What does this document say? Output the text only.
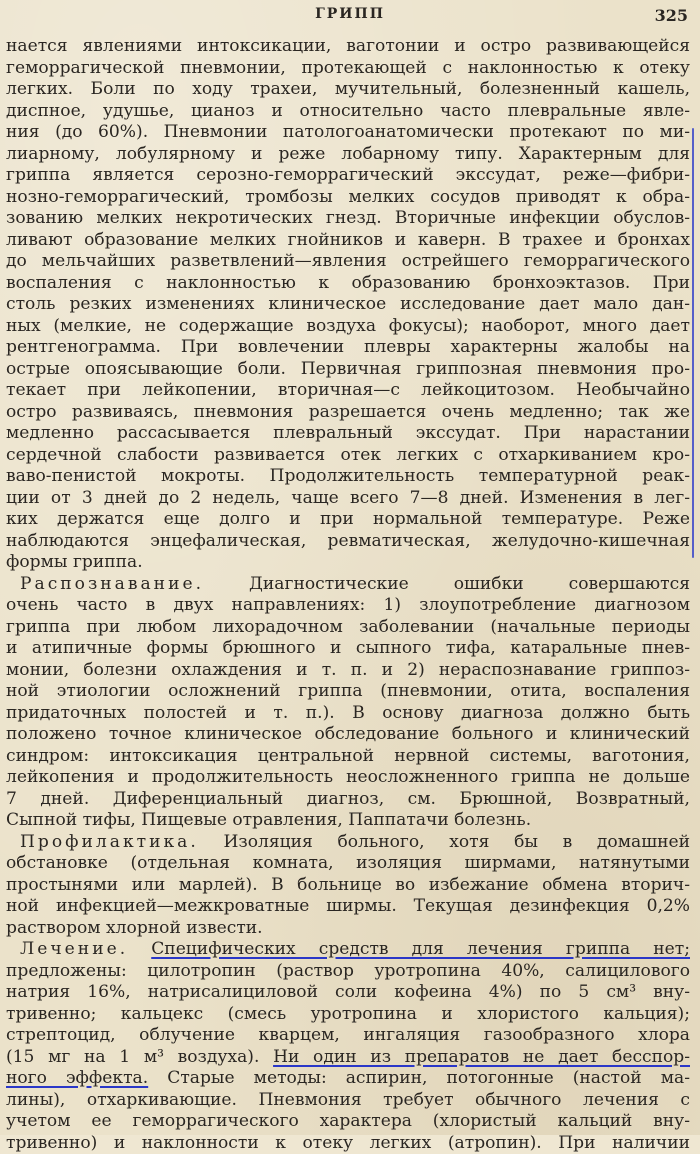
ГРИПП	325
нается явлениями интоксикации, ваготонии и остро развивающейся
геморрагической пневмонии, протекающей с наклонностью к отеку
легких. Боли по ходу трахеи, мучительный, болезненный кашель,
диспное, удушье, цианоз и относительно часто плевральные явле-
ния (до 60%). Пневмонии патологоанатомически протекают по ми-
лиарному, лобулярному и реже лобарному типу. Характерным для
гриппа является серозно-геморрагический экссудат, реже—фибри-
нозно-геморрагический, тромбозы мелких сосудов приводят к обра-
зованию мелких некротических гнезд. Вторичные инфекции обуслов-
ливают образование мелких гнойников и каверн. В трахее и бронхах
до мельчайших разветвлений—явления острейшего геморрагического
воспаления с наклонностью к образованию бронхоэктазов. При
столь резких изменениях клиническое исследование дает мало дан-
ных (мелкие, не содержащие воздуха фокусы); наоборот, много дает
рентгенограмма. При вовлечении плевры характерны жалобы на
острые опоясывающие боли. Первичная гриппозная пневмония про-
текает при лейкопении, вторичная—с лейкоцитозом. Необычайно
остро развиваясь, пневмония разрешается очень медленно; так же
медленно рассасывается плевральный экссудат. При нарастании
сердечной слабости развивается отек легких с отхаркиванием кро-
ваво-пенистой мокроты. Продолжительность температурной реак-
ции от 3 дней до 2 недель, чаще всего 7—8 дней. Изменения в лег-
ких держатся еще долго и при нормальной температуре. Реже
наблюдаются энцефалическая, ревматическая, желудочно-кишечная
формы гриппа.
Распознавание.	Диагностические ошибки совершаются
очень часто в двух направлениях: 1) злоупотребление диагнозом
гриппа при любом лихорадочном заболевании (начальные периоды
и атипичные формы брюшного и сыпного тифа, катаральные пнев-
монии, болезни охлаждения и т. п. и 2) нераспознавание гриппоз-
ной этиологии осложнений гриппа (пневмонии, отита, воспаления
придаточных полостей и т. п.). В основу диагноза должно быть
положено точное клиническое обследование больного и клинический
синдром: интоксикация центральной нервной системы, ваготония,
лейкопения и продолжительность неосложненного гриппа не дольше
7 дней. Диференциальный диагноз, см. Брюшной, Возвратный,
Сыпной тифы, Пищевые отравления, Паппатачи болезнь.
Профилактика. Изоляция больного, хотя бы в домашней
обстановке (отдельная комната, изоляция ширмами, натянутыми
простынями или марлей). В больнице во избежание обмена вторич-
ной инфекцией—межкроватные ширмы. Текущая дезинфекция 0,2%
раствором хлорной извести.
Лечение. Специфических средств для лечения гриппа нет;
предложены: цилотропин (раствор уротропина 40%, салицилового
натрия 16%, натрисалициловой соли кофеина 4%) по 5 см³ вну-
тривенно; кальцекс (смесь уротропина и хлористого кальция);
стрептоцид, облучение кварцем, ингаляция газообразного хлора
(15 мг на 1 м³ воздуха). Ни один из препаратов не дает бесспор-
ного эффекта. Старые методы: аспирин, потогонные (настой ма-
лины), отхаркивающие. Пневмония требует обычного лечения с
учетом ее геморрагического характера (хлористый кальций вну-
тривенно) и наклонности к отеку легких (атропин). При наличии
